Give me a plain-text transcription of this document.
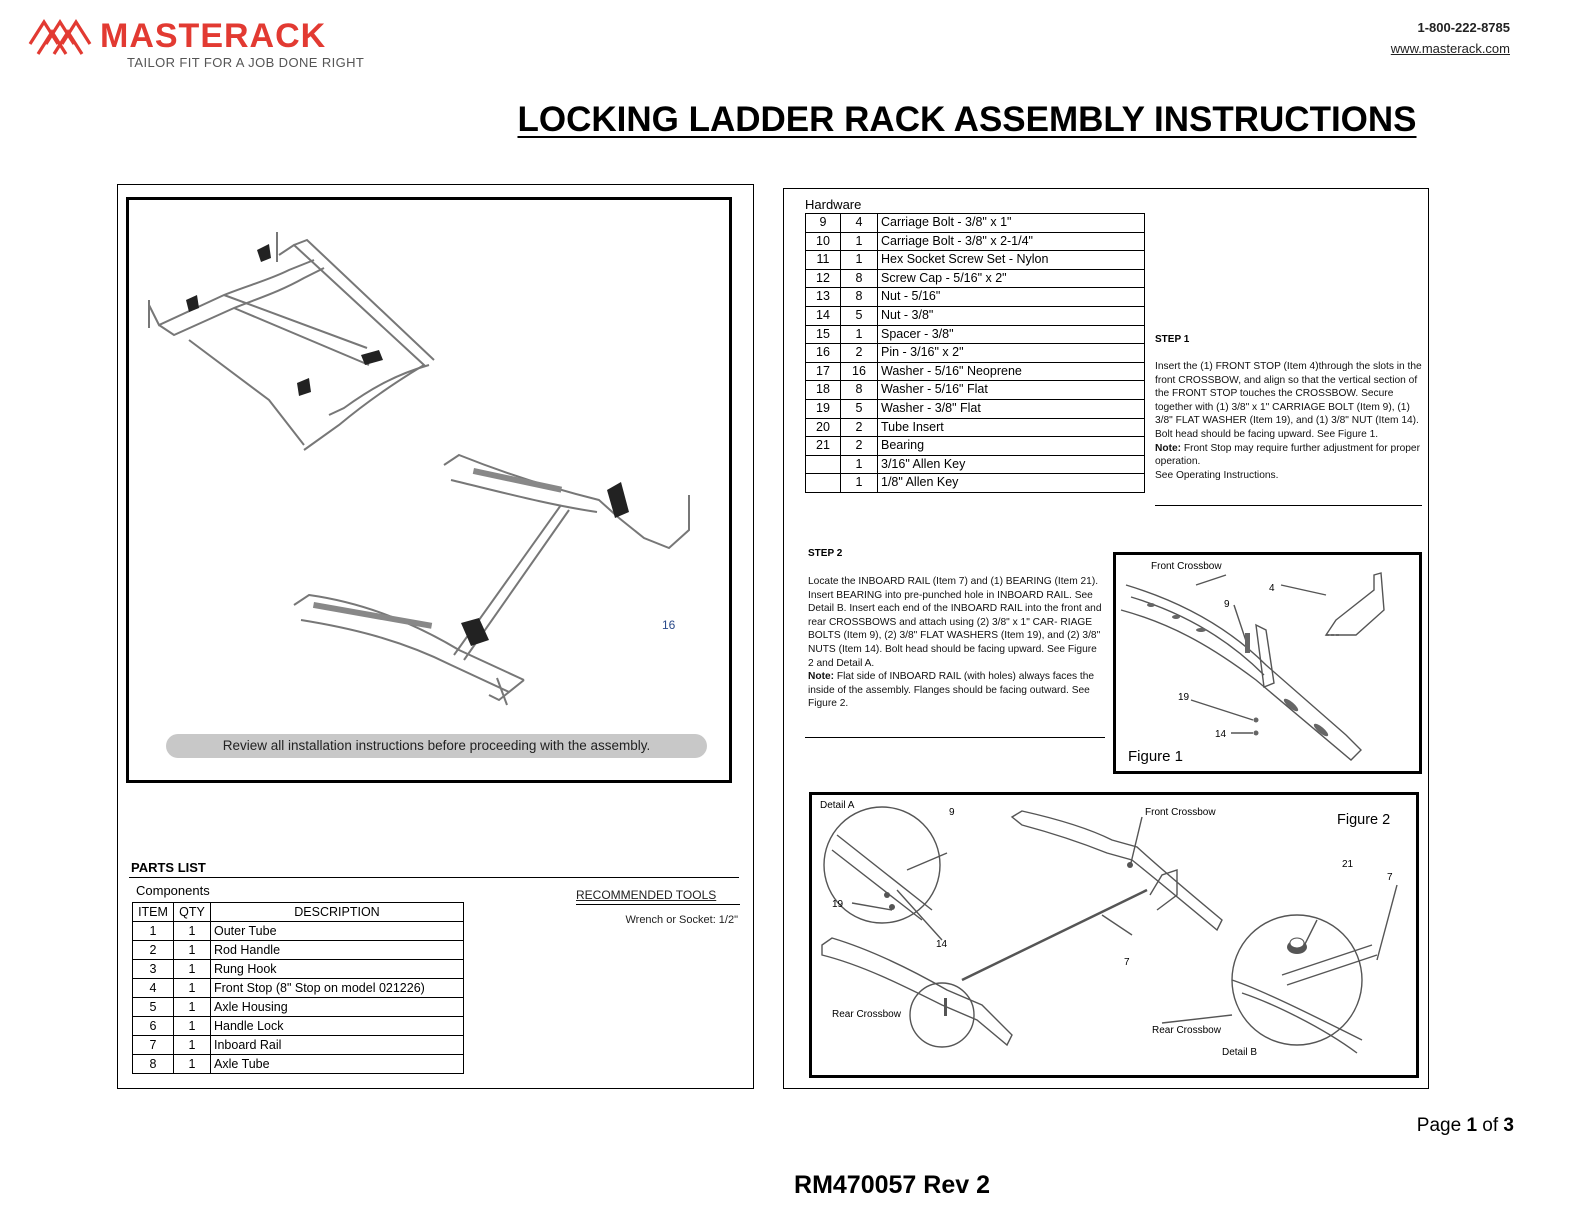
MASTERACK
TAILOR FIT FOR A JOB DONE RIGHT
1-800-222-8785
www.masterack.com
LOCKING LADDER RACK ASSEMBLY INSTRUCTIONS
16
Review all installation instructions before proceeding with the assembly.
PARTS LIST
Components	RECOMMENDED TOOLS
Wrench or Socket: 1/2"
ITEM	QTY	DESCRIPTION
1	1	Outer Tube
2	1	Rod Handle
3	1	Rung Hook
4	1	Front Stop (8" Stop on model 021226)
5	1	Axle Housing
6	1	Handle Lock
7	1	Inboard Rail
8	1	Axle Tube
Hardware
9	4	Carriage Bolt - 3/8" x 1"
10	1	Carriage Bolt - 3/8" x 2-1/4"
11	1	Hex Socket Screw Set - Nylon
12	8	Screw Cap - 5/16" x 2"
13	8	Nut - 5/16"
14	5	Nut - 3/8"
15	1	Spacer - 3/8"
16	2	Pin - 3/16" x 2"
17	16	Washer - 5/16" Neoprene
18	8	Washer - 5/16" Flat
19	5	Washer - 3/8" Flat
20	2	Tube Insert
21	2	Bearing
	1	3/16" Allen Key
	1	1/8" Allen Key
STEP 1
Insert the (1) FRONT STOP (Item 4)through the slots in the front CROSSBOW, and align so that the vertical section of the FRONT STOP touches the CROSSBOW. Secure together with (1) 3/8" x 1" CARRIAGE BOLT (Item 9), (1) 3/8" FLAT WASHER (Item 19), and (1) 3/8" NUT (Item 14). Bolt head should be facing upward. See Figure 1.
Note: Front Stop may require further adjustment for proper operation.
See Operating Instructions.
STEP 2
Locate the INBOARD RAIL (Item 7) and (1) BEARING (Item 21). Insert BEARING into pre-punched hole in INBOARD RAIL. See Detail B. Insert each end of the INBOARD RAIL into the front and rear CROSSBOWS and attach using (2) 3/8" x 1" CAR- RIAGE BOLTS (Item 9), (2) 3/8" FLAT WASHERS (Item 19), and (2) 3/8" NUTS (Item 14). Bolt head should be facing upward. See Figure 2 and Detail A.
Note: Flat side of INBOARD RAIL (with holes) always faces the inside of the assembly. Flanges should be facing outward. See Figure 2.
Front Crossbow
4
9
19
14
Figure 1
Detail A
9
19
14
7
21
7
Front Crossbow
Rear Crossbow
Rear Crossbow
Detail B
Figure 2
Page 1 of 3
RM470057 Rev 2
